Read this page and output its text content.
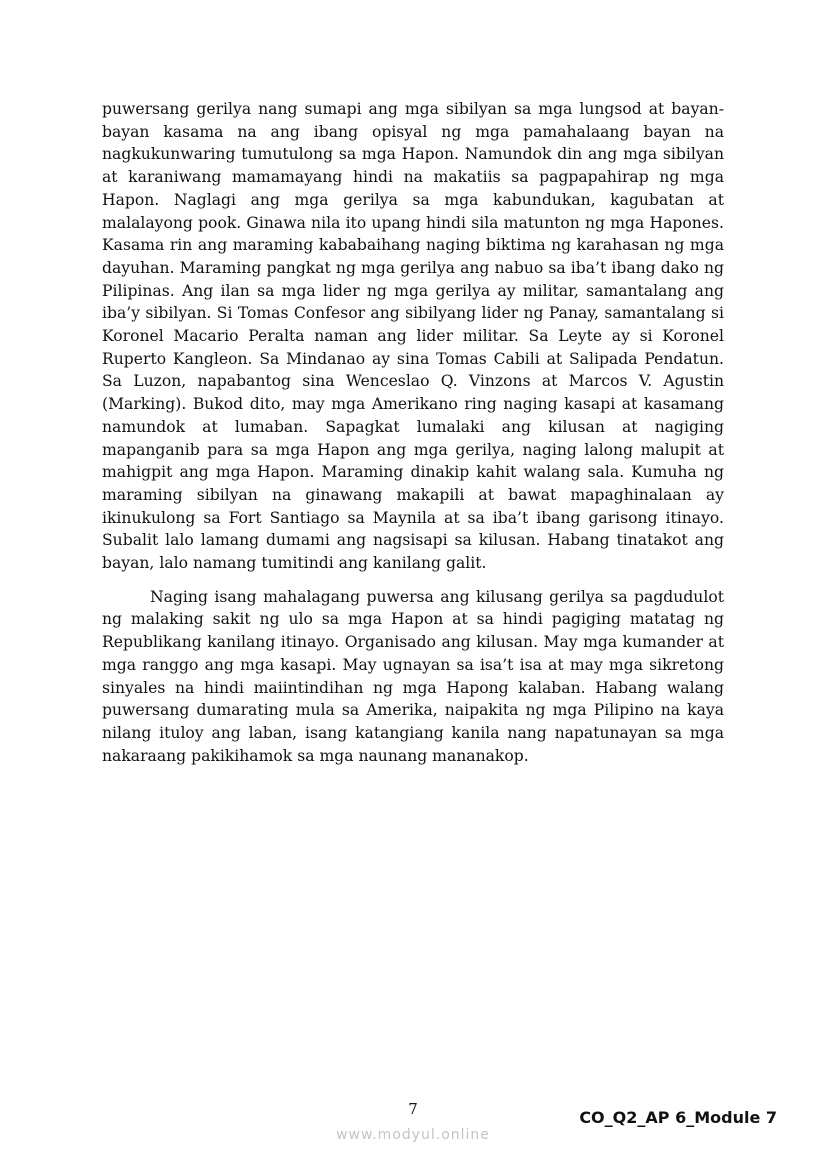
puwersang gerilya nang sumapi ang mga sibilyan sa mga lungsod at bayan-bayan kasama na ang ibang opisyal ng mga pamahalaang bayan na nagkukunwaring tumutulong sa mga Hapon. Namundok din ang mga sibilyan at karaniwang mamamayang hindi na makatiis sa pagpapahirap ng mga Hapon. Naglagi ang mga gerilya sa mga kabundukan, kagubatan at malalayong pook. Ginawa nila ito upang hindi sila matunton ng mga Hapones. Kasama rin ang maraming kababaihang naging biktima ng karahasan ng mga dayuhan. Maraming pangkat ng mga gerilya ang nabuo sa iba’t ibang dako ng Pilipinas. Ang ilan sa mga lider ng mga gerilya ay militar, samantalang ang iba’y sibilyan. Si Tomas Confesor ang sibilyang lider ng Panay, samantalang si Koronel Macario Peralta naman ang lider militar. Sa Leyte ay si Koronel Ruperto Kangleon. Sa Mindanao ay sina Tomas Cabili at Salipada Pendatun. Sa Luzon, napabantog sina Wenceslao Q. Vinzons at Marcos V. Agustin (Marking). Bukod dito, may mga Amerikano ring naging kasapi at kasamang namundok at lumaban. Sapagkat lumalaki ang kilusan at nagiging mapanganib para sa mga Hapon ang mga gerilya, naging lalong malupit at mahigpit ang mga Hapon. Maraming dinakip kahit walang sala. Kumuha ng maraming sibilyan na ginawang makapili at bawat mapaghinalaan ay ikinukulong sa Fort Santiago sa Maynila at sa iba’t ibang garisong itinayo. Subalit lalo lamang dumami ang nagsisapi sa kilusan. Habang tinatakot ang bayan, lalo namang tumitindi ang kanilang galit.

Naging isang mahalagang puwersa ang kilusang gerilya sa pagdudulot ng malaking sakit ng ulo sa mga Hapon at sa hindi pagiging matatag ng Republikang kanilang itinayo. Organisado ang kilusan. May mga kumander at mga ranggo ang mga kasapi. May ugnayan sa isa’t isa at may mga sikretong sinyales na hindi maiintindihan ng mga Hapong kalaban. Habang walang puwersang dumarating mula sa Amerika, naipakita ng mga Pilipino na kaya nilang ituloy ang laban, isang katangiang kanila nang napatunayan sa mga nakaraang pakikihamok sa mga naunang mananakop.

7	CO_Q2_AP 6_Module 7
www.modyul.online
